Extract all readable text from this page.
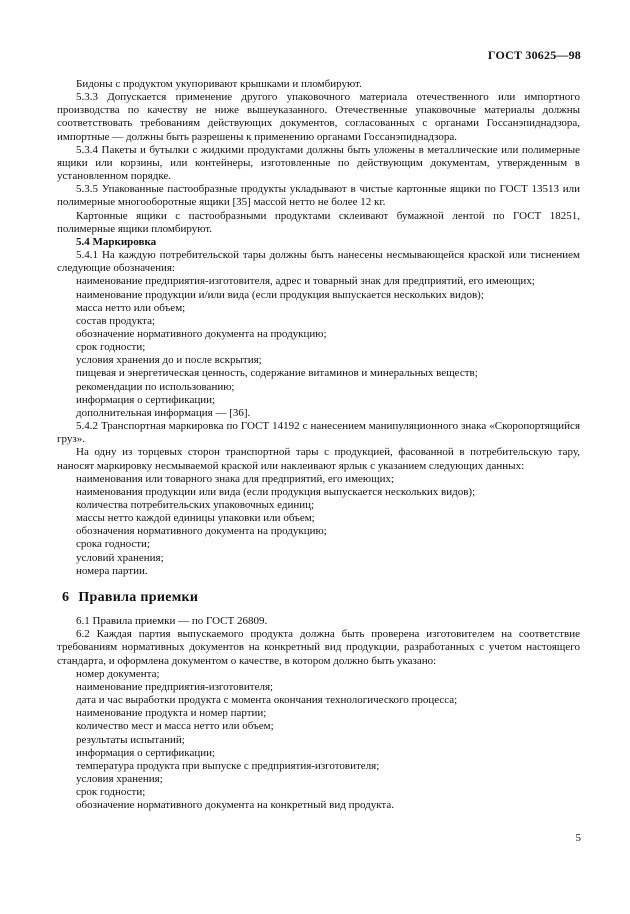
ГОСТ 30625—98
Бидоны с продуктом укупоривают крышками и пломбируют.
5.3.3 Допускается применение другого упаковочного материала отечественного или импортного производства по качеству не ниже вышеуказанного. Отечественные упаковочные материалы должны соответствовать требованиям действующих документов, согласованных с органами Госсанэпиднадзора, импортные — должны быть разрешены к применению органами Госсанэпиднадзора.
5.3.4 Пакеты и бутылки с жидкими продуктами должны быть уложены в металлические или полимерные ящики или корзины, или контейнеры, изготовленные по действующим документам, утвержденным в установленном порядке.
5.3.5 Упакованные пастообразные продукты укладывают в чистые картонные ящики по ГОСТ 13513 или полимерные многооборотные ящики [35] массой нетто не более 12 кг.
Картонные ящики с пастообразными продуктами склеивают бумажной лентой по ГОСТ 18251, полимерные ящики пломбируют.
5.4 Маркировка
5.4.1 На каждую потребительской тары должны быть нанесены несмывающейся краской или тиснением следующие обозначения:
наименование предприятия-изготовителя, адрес и товарный знак для предприятий, его имеющих;
наименование продукции и/или вида (если продукция выпускается нескольких видов);
масса нетто или объем;
состав продукта;
обозначение нормативного документа на продукцию;
срок годности;
условия хранения до и после вскрытия;
пищевая и энергетическая ценность, содержание витаминов и минеральных веществ;
рекомендации по использованию;
информация о сертификации;
дополнительная информация — [36].
5.4.2 Транспортная маркировка по ГОСТ 14192 с нанесением манипуляционного знака «Скоропортящийся груз».
На одну из торцевых сторон транспортной тары с продукцией, фасованной в потребительскую тару, наносят маркировку несмываемой краской или наклеивают ярлык с указанием следующих данных:
наименования или товарного знака для предприятий, его имеющих;
наименования продукции или вида (если продукция выпускается нескольких видов);
количества потребительских упаковочных единиц;
массы нетто каждой единицы упаковки или объем;
обозначения нормативного документа на продукцию;
срока годности;
условий хранения;
номера партии.
6 Правила приемки
6.1 Правила приемки — по ГОСТ 26809.
6.2 Каждая партия выпускаемого продукта должна быть проверена изготовителем на соответствие требованиям нормативных документов на конкретный вид продукции, разработанных с учетом настоящего стандарта, и оформлена документом о качестве, в котором должно быть указано:
номер документа;
наименование предприятия-изготовителя;
дата и час выработки продукта с момента окончания технологического процесса;
наименование продукта и номер партии;
количество мест и масса нетто или объем;
результаты испытаний;
информация о сертификации;
температура продукта при выпуске с предприятия-изготовителя;
условия хранения;
срок годности;
обозначение нормативного документа на конкретный вид продукта.
5
